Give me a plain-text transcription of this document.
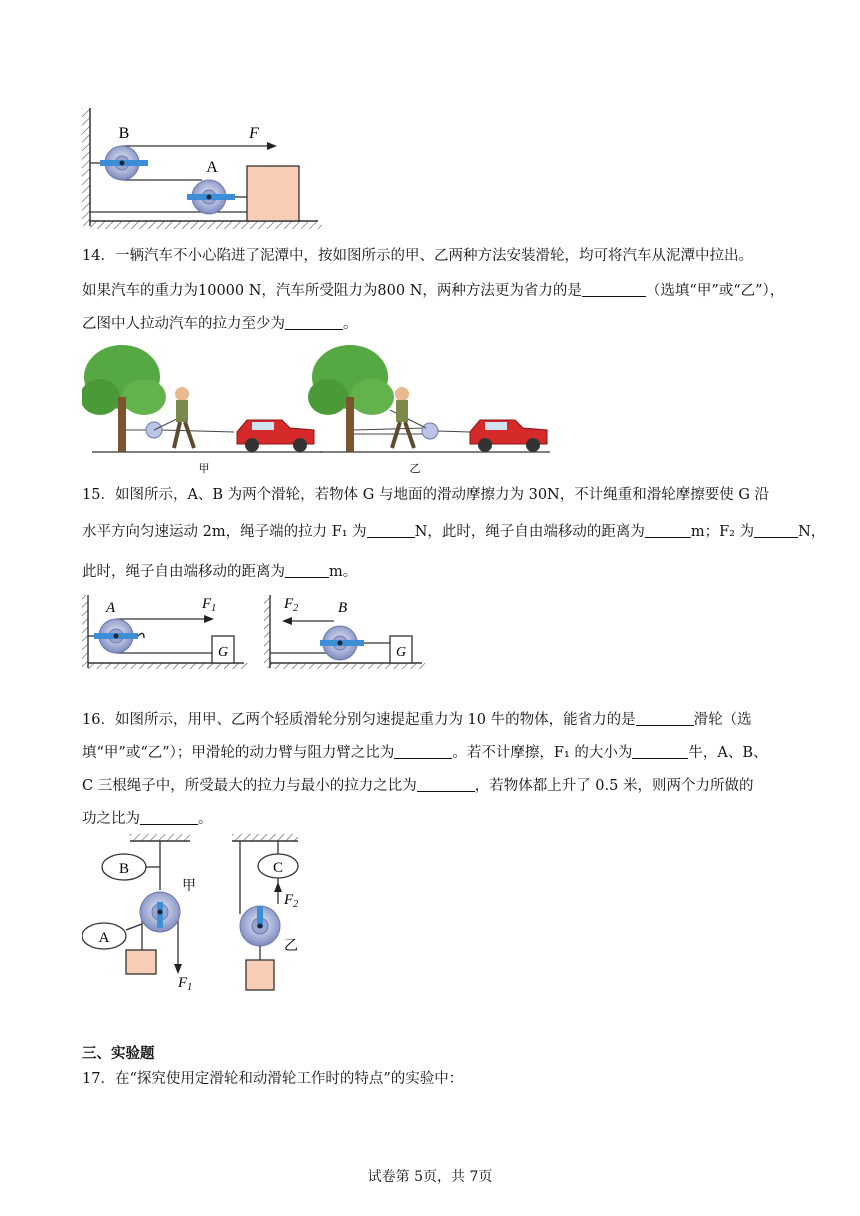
B
A
F
14．一辆汽车不小心陷进了泥潭中，按如图所示的甲、乙两种方法安装滑轮，均可将汽车从泥潭中拉出。
如果汽车的重力为10000 N，汽车所受阻力为800 N，两种方法更为省力的是	（选填“甲”或“乙”），
乙图中人拉动汽车的拉力至少为	。
甲	乙
15．如图所示，A、B 为两个滑轮，若物体 G 与地面的滑动摩擦力为 30N，不计绳重和滑轮摩擦要使 G 沿
水平方向匀速运动 2m，绳子端的拉力 F₁ 为	N，此时，绳子自由端移动的距离为	m；F₂ 为	N，
此时，绳子自由端移动的距离为	m。
A	$F_1$
G
B
$F_2$
G
16．如图所示，用甲、乙两个轻质滑轮分别匀速提起重力为 10 牛的物体，能省力的是	滑轮（选
填“甲”或“乙”）；甲滑轮的动力臂与阻力臂之比为	。若不计摩擦，F₁ 的大小为	牛，A、B、
C 三根绳子中，所受最大的拉力与最小的拉力之比为	，若物体都上升了 0.5 米，则两个力所做的
功之比为	。
B
A
甲
$F_1$
C
乙
$F_2$
三、实验题
17．在“探究使用定滑轮和动滑轮工作时的特点”的实验中：
试卷第 5页，共 7页
